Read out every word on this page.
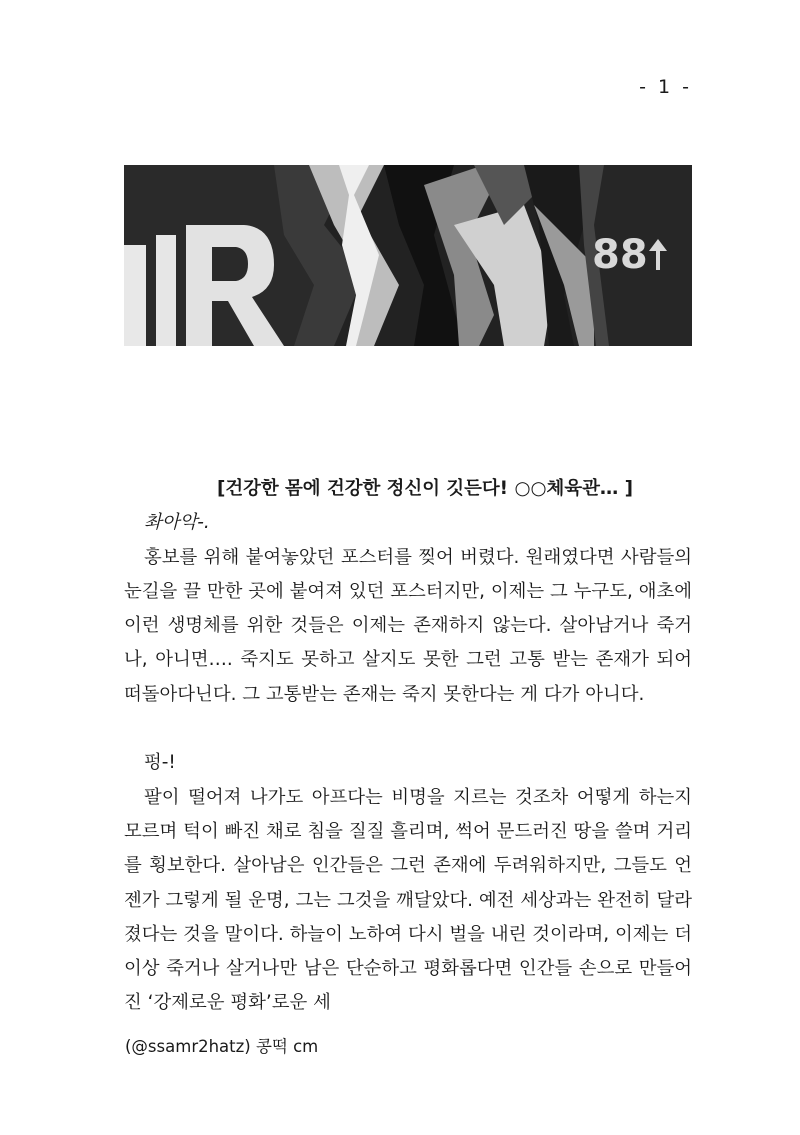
- 1 -
88

[건강한 몸에 건강한 정신이 깃든다! ○○체육관… ]

촤아악-.

홍보를 위해 붙여놓았던 포스터를 찢어 버렸다. 원래였다면 사람들의 눈길을 끌 만한 곳에 붙여져 있던 포스터지만, 이제는 그 누구도, 애초에 이런 생명체를 위한 것들은 이제는 존재하지 않는다. 살아남거나 죽거나, 아니면…. 죽지도 못하고 살지도 못한 그런 고통 받는 존재가 되어 떠돌아다닌다. 그 고통받는 존재는 죽지 못한다는 게 다가 아니다.

펑-!

팔이 떨어져 나가도 아프다는 비명을 지르는 것조차 어떻게 하는지 모르며 턱이 빠진 채로 침을 질질 흘리며, 썩어 문드러진 땅을 쓸며 거리를 횡보한다. 살아남은 인간들은 그런 존재에 두려워하지만, 그들도 언젠가 그렇게 될 운명, 그는 그것을 깨달았다. 예전 세상과는 완전히 달라졌다는 것을 말이다. 하늘이 노하여 다시 벌을 내린 것이라며, 이제는 더 이상 죽거나 살거나만 남은 단순하고 평화롭다면 인간들 손으로 만들어진 ‘강제로운 평화’로운 세

(@ssamr2hatz) 콩떡 cm
